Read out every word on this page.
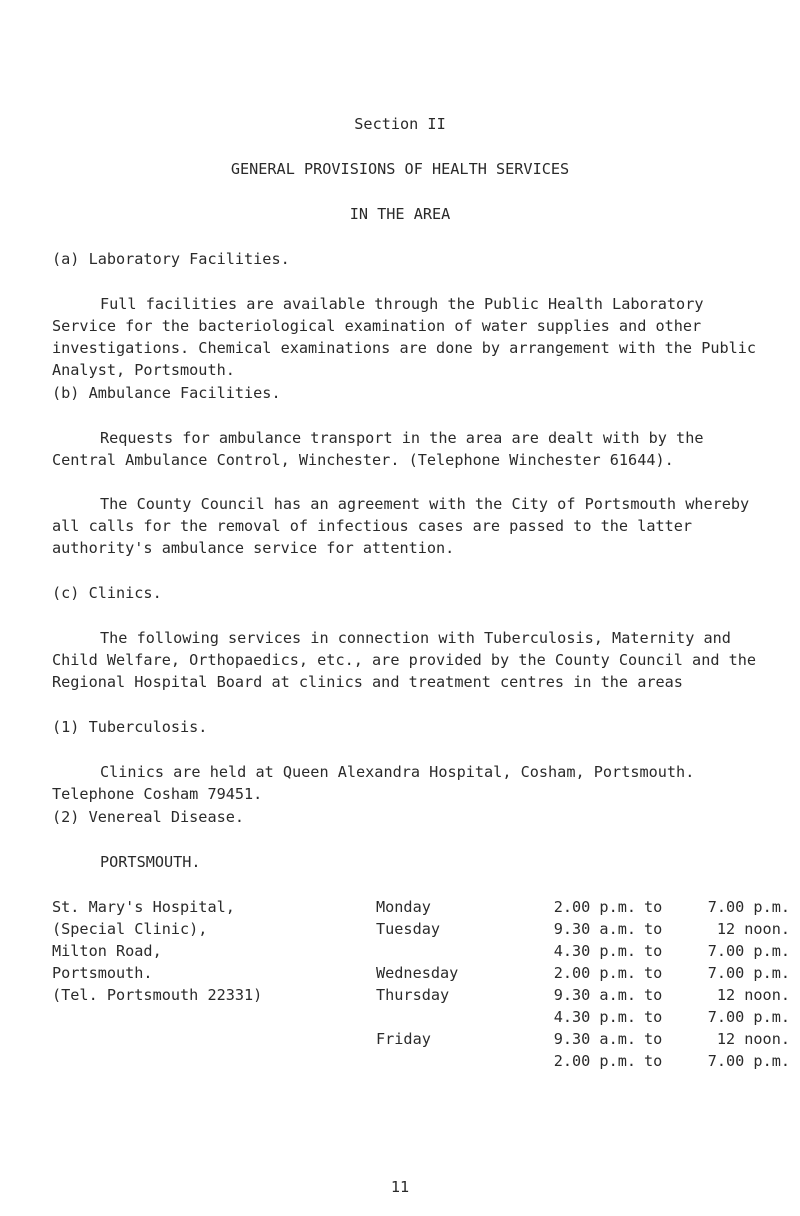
Section II
GENERAL PROVISIONS OF HEALTH SERVICES
IN THE AREA
(a) Laboratory Facilities.

Full facilities are available through the Public Health Laboratory Service for the bacteriological examination of water supplies and other investigations. Chemical examinations are done by arrangement with the Public Analyst, Portsmouth.

(b) Ambulance Facilities.

Requests for ambulance transport in the area are dealt with by the Central Ambulance Control, Winchester. (Telephone Winchester 61644).

The County Council has an agreement with the City of Portsmouth whereby all calls for the removal of infectious cases are passed to the latter authority's ambulance service for attention.

(c) Clinics.

The following services in connection with Tuberculosis, Maternity and Child Welfare, Orthopaedics, etc., are provided by the County Council and the Regional Hospital Board at clinics and treatment centres in the areas

(1) Tuberculosis.

Clinics are held at Queen Alexandra Hospital, Cosham, Portsmouth. Telephone Cosham 79451.

(2) Venereal Disease.
PORTSMOUTH.
St. Mary's Hospital,
(Special Clinic),
Milton Road,
Portsmouth.
(Tel. Portsmouth 22331)
Monday
Tuesday
Wednesday
Thursday
Friday
2.00 p.m.
9.30 a.m.
4.30 p.m.
2.00 p.m.
9.30 a.m.
4.30 p.m.
9.30 a.m.
2.00 p.m.
to
to
to
to
to
to
to
to
7.00 p.m.
12 noon.
7.00 p.m.
7.00 p.m.
12 noon.
7.00 p.m.
12 noon.
7.00 p.m.
11
